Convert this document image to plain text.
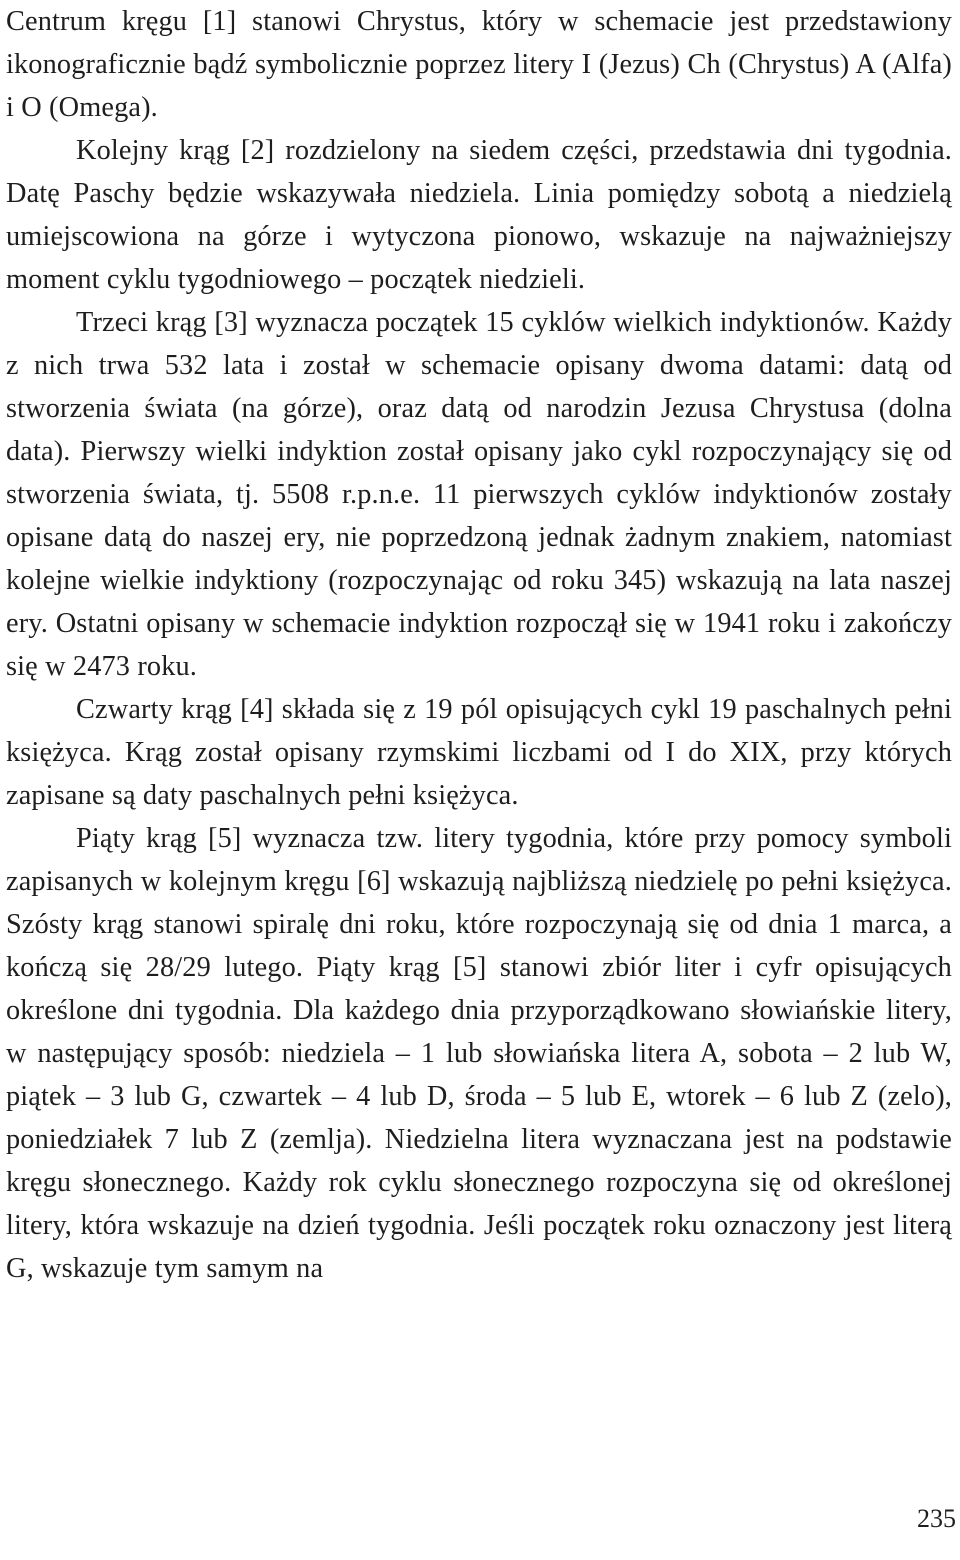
Centrum kręgu [1] stanowi Chrystus, który w schemacie jest przedstawiony ikonograficznie bądź symbolicznie poprzez litery I (Jezus) Ch (Chrystus) A (Alfa) i O (Omega).

Kolejny krąg [2] rozdzielony na siedem części, przedstawia dni tygodnia. Datę Paschy będzie wskazywała niedziela. Linia pomiędzy sobotą a niedzielą umiejscowiona na górze i wytyczona pionowo, wskazuje na najważniejszy moment cyklu tygodniowego – początek niedzieli.

Trzeci krąg [3] wyznacza początek 15 cyklów wielkich indyktionów. Każdy z nich trwa 532 lata i został w schemacie opisany dwoma datami: datą od stworzenia świata (na górze), oraz datą od narodzin Jezusa Chrystusa (dolna data). Pierwszy wielki indyktion został opisany jako cykl rozpoczynający się od stworzenia świata, tj. 5508 r.p.n.e. 11 pierwszych cyklów indyktionów zostały opisane datą do naszej ery, nie poprzedzoną jednak żadnym znakiem, natomiast kolejne wielkie indyktiony (rozpoczynając od roku 345) wskazują na lata naszej ery. Ostatni opisany w schemacie indyktion rozpoczął się w 1941 roku i zakończy się w 2473 roku.

Czwarty krąg [4] składa się z 19 pól opisujących cykl 19 paschalnych pełni księżyca. Krąg został opisany rzymskimi liczbami od I do XIX, przy których zapisane są daty paschalnych pełni księżyca.

Piąty krąg [5] wyznacza tzw. litery tygodnia, które przy pomocy symboli zapisanych w kolejnym kręgu [6] wskazują najbliższą niedzielę po pełni księżyca. Szósty krąg stanowi spiralę dni roku, które rozpoczynają się od dnia 1 marca, a kończą się 28/29 lutego. Piąty krąg [5] stanowi zbiór liter i cyfr opisujących określone dni tygodnia. Dla każdego dnia przyporządkowano słowiańskie litery, w następujący sposób: niedziela – 1 lub słowiańska litera A, sobota – 2 lub W, piątek – 3 lub G, czwartek – 4 lub D, środa – 5 lub E, wtorek – 6 lub Z (zelo), poniedziałek 7 lub Z (zemlja). Niedzielna litera wyznaczana jest na podstawie kręgu słonecznego. Każdy rok cyklu słonecznego rozpoczyna się od określonej litery, która wskazuje na dzień tygodnia. Jeśli początek roku oznaczony jest literą G, wskazuje tym samym na

235
